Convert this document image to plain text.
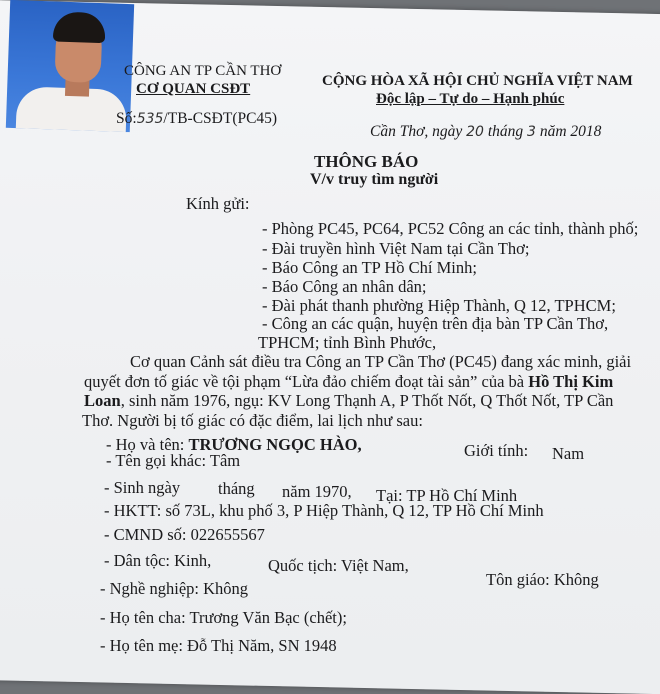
CÔNG AN TP CẦN THƠ
CƠ QUAN CSĐT
Số:535/TB-CSĐT(PC45)
CỘNG HÒA XÃ HỘI CHỦ NGHĨA VIỆT NAM
Độc lập – Tự do – Hạnh phúc
Cần Thơ, ngày 20 tháng 3 năm 2018
THÔNG BÁO
V/v truy tìm người
Kính gửi:
- Phòng PC45, PC64, PC52 Công an các tỉnh, thành phố;
- Đài truyền hình Việt Nam tại Cần Thơ;
- Báo Công an TP Hồ Chí Minh;
- Báo Công an nhân dân;
- Đài phát thanh phường Hiệp Thành, Q 12, TPHCM;
- Công an các quận, huyện trên địa bàn TP Cần Thơ,
TPHCM; tỉnh Bình Phước,
Cơ quan Cảnh sát điều tra Công an TP Cần Thơ (PC45) đang xác minh, giải
quyết đơn tố giác về tội phạm “Lừa đảo chiếm đoạt tài sản” của bà Hồ Thị Kim
Loan, sinh năm 1976, ngụ: KV Long Thạnh A, P Thốt Nốt, Q Thốt Nốt, TP Cần
Thơ. Người bị tố giác có đặc điểm, lai lịch như sau:
- Họ và tên: TRƯƠNG NGỌC HÀO,	Giới tính: Nam
- Tên gọi khác: Tâm
- Sinh ngày tháng năm 1970, Tại: TP Hồ Chí Minh
- HKTT: số 73L, khu phố 3, P Hiệp Thành, Q 12, TP Hồ Chí Minh
- CMND số: 022655567
- Dân tộc: Kinh,	Quốc tịch: Việt Nam,
Tôn giáo: Không
- Nghề nghiệp: Không
- Họ tên cha: Trương Văn Bạc (chết);
- Họ tên mẹ: Đỗ Thị Năm, SN 1948
